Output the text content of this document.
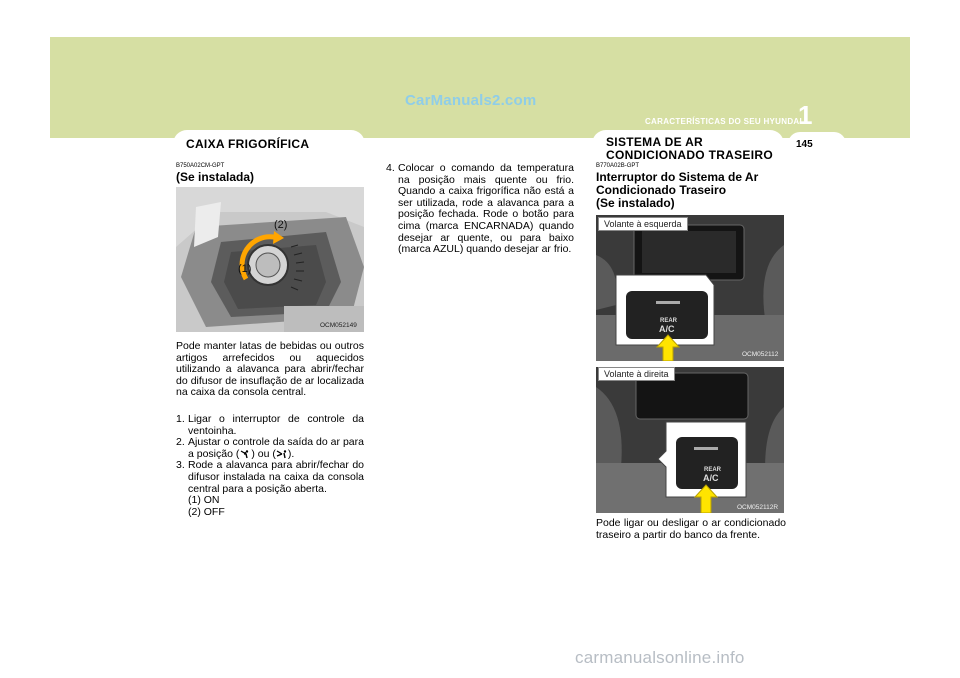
CarManuals2.com
CARACTERÍSTICAS DO SEU HYUNDAI
1
145
CAIXA FRIGORÍFICA
B750A02CM-GPT
(Se instalada)
(2)
(1)
OCM052149
Pode manter latas de bebidas ou outros artigos arrefecidos ou aquecidos utilizando a alavanca para abrir/fechar do difusor de insuflação de ar localizada na caixa da consola central.
1. Ligar o interruptor de controle da ventoinha.
2. Ajustar o controle da saída do ar para a posição ( ) ou ( ).
3. Rode a alavanca para abrir/fechar do difusor instalada na caixa da consola central para a posição aberta.
(1) ON
(2) OFF
4. Colocar o comando da temperatura na posição mais quente ou frio. Quando a caixa frigorífica não está a ser utilizada, rode a alavanca para a posição fechada. Rode o botão para cima (marca ENCARNADA) quando desejar ar quente, ou para baixo (marca AZUL) quando desejar ar frio.
SISTEMA DE AR
CONDICIONADO TRASEIRO
B770A02B-GPT
Interruptor do Sistema de Ar
Condicionado Traseiro
(Se instalado)
Volante à esquerda
REAR
A/C
OCM052112
Volante à direita
REAR
A/C
OCM052112R
Pode ligar ou desligar o ar condicionado traseiro a partir do banco da frente.
carmanualsonline.info
